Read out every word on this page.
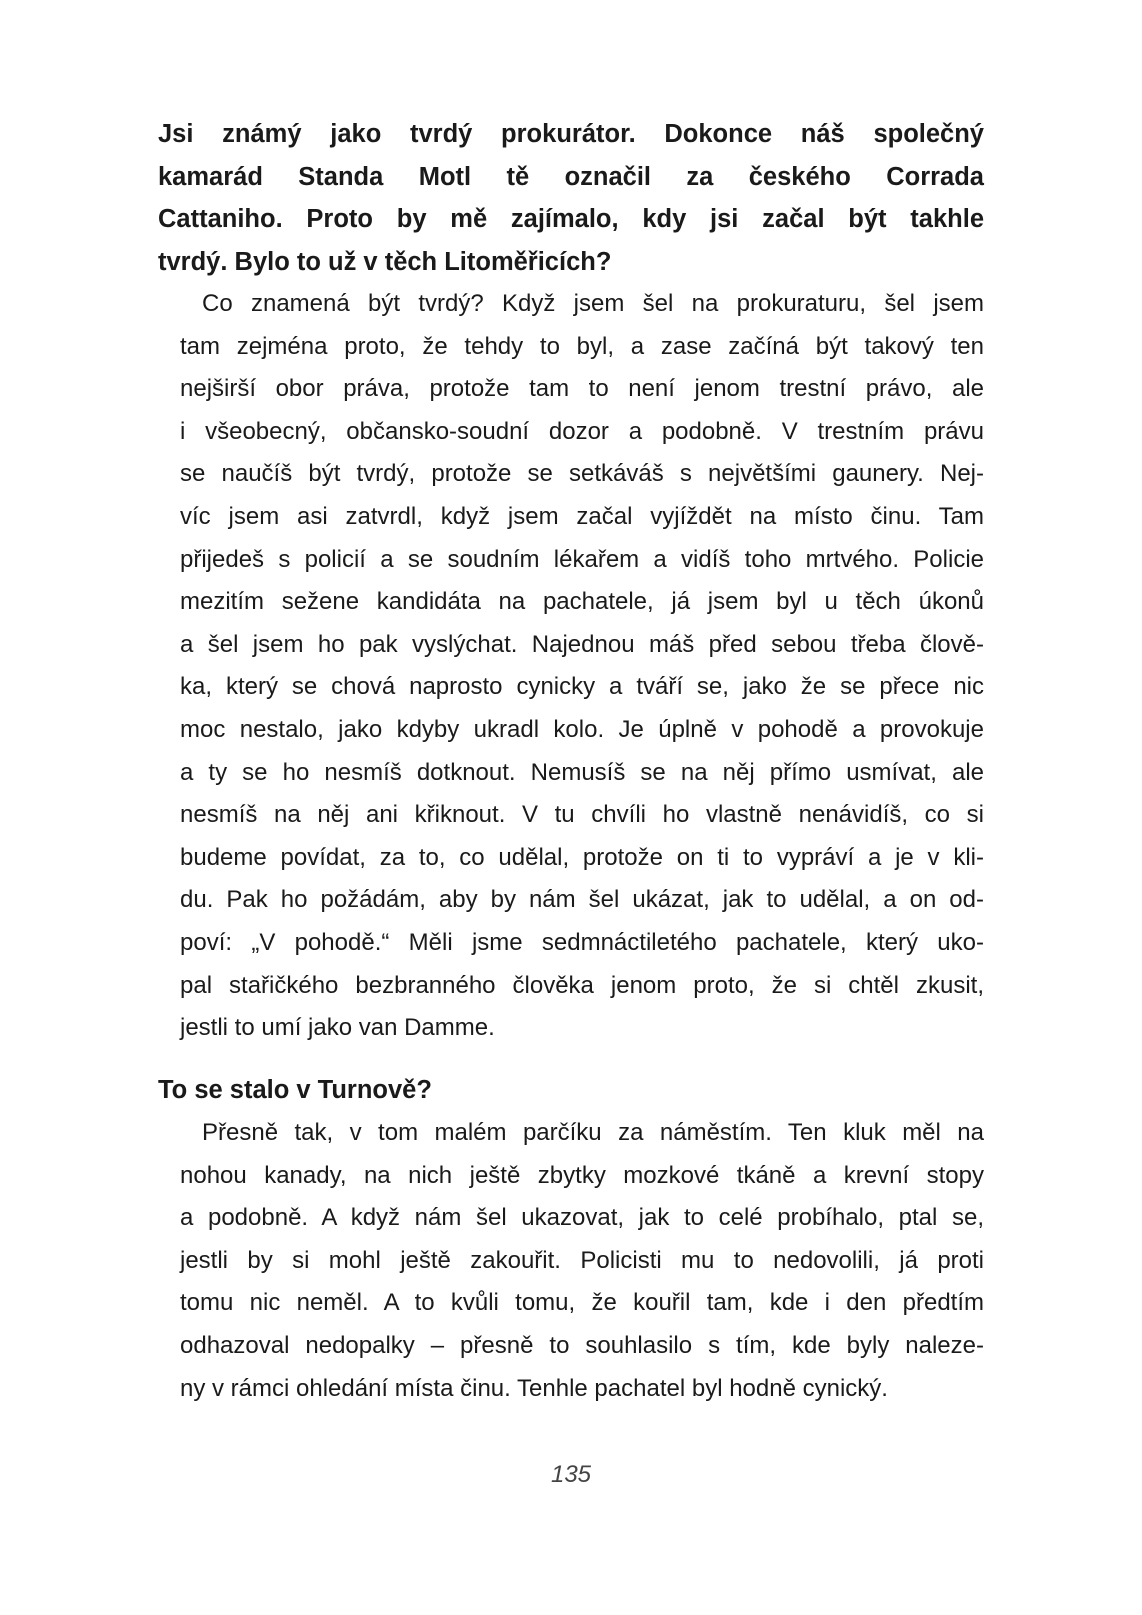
Jsi známý jako tvrdý prokurátor. Dokonce náš společný
kamarád Standa Motl tě označil za českého Corrada
Cattaniho. Proto by mě zajímalo, kdy jsi začal být takhle
tvrdý. Bylo to už v těch Litoměřicích?
Co znamená být tvrdý? Když jsem šel na prokuraturu, šel jsem
tam zejména proto, že tehdy to byl, a zase začíná být takový ten
nejširší obor práva, protože tam to není jenom trestní právo, ale
i všeobecný, občansko-soudní dozor a podobně. V trestním právu
se naučíš být tvrdý, protože se setkáváš s největšími gaunery. Nej-
víc jsem asi zatvrdl, když jsem začal vyjíždět na místo činu. Tam
přijedeš s policií a se soudním lékařem a vidíš toho mrtvého. Policie
mezitím sežene kandidáta na pachatele, já jsem byl u těch úkonů
a šel jsem ho pak vyslýchat. Najednou máš před sebou třeba člově-
ka, který se chová naprosto cynicky a tváří se, jako že se přece nic
moc nestalo, jako kdyby ukradl kolo. Je úplně v pohodě a provokuje
a ty se ho nesmíš dotknout. Nemusíš se na něj přímo usmívat, ale
nesmíš na něj ani křiknout. V tu chvíli ho vlastně nenávidíš, co si
budeme povídat, za to, co udělal, protože on ti to vypráví a je v kli-
du. Pak ho požádám, aby by nám šel ukázat, jak to udělal, a on od-
poví: „V pohodě.“ Měli jsme sedmnáctiletého pachatele, který uko-
pal stařičkého bezbranného člověka jenom proto, že si chtěl zkusit,
jestli to umí jako van Damme.
To se stalo v Turnově?
Přesně tak, v tom malém parčíku za náměstím. Ten kluk měl na
nohou kanady, na nich ještě zbytky mozkové tkáně a krevní stopy
a podobně. A když nám šel ukazovat, jak to celé probíhalo, ptal se,
jestli by si mohl ještě zakouřit. Policisti mu to nedovolili, já proti
tomu nic neměl. A to kvůli tomu, že kouřil tam, kde i den předtím
odhazoval nedopalky – přesně to souhlasilo s tím, kde byly naleze-
ny v rámci ohledání místa činu. Tenhle pachatel byl hodně cynický.
135
